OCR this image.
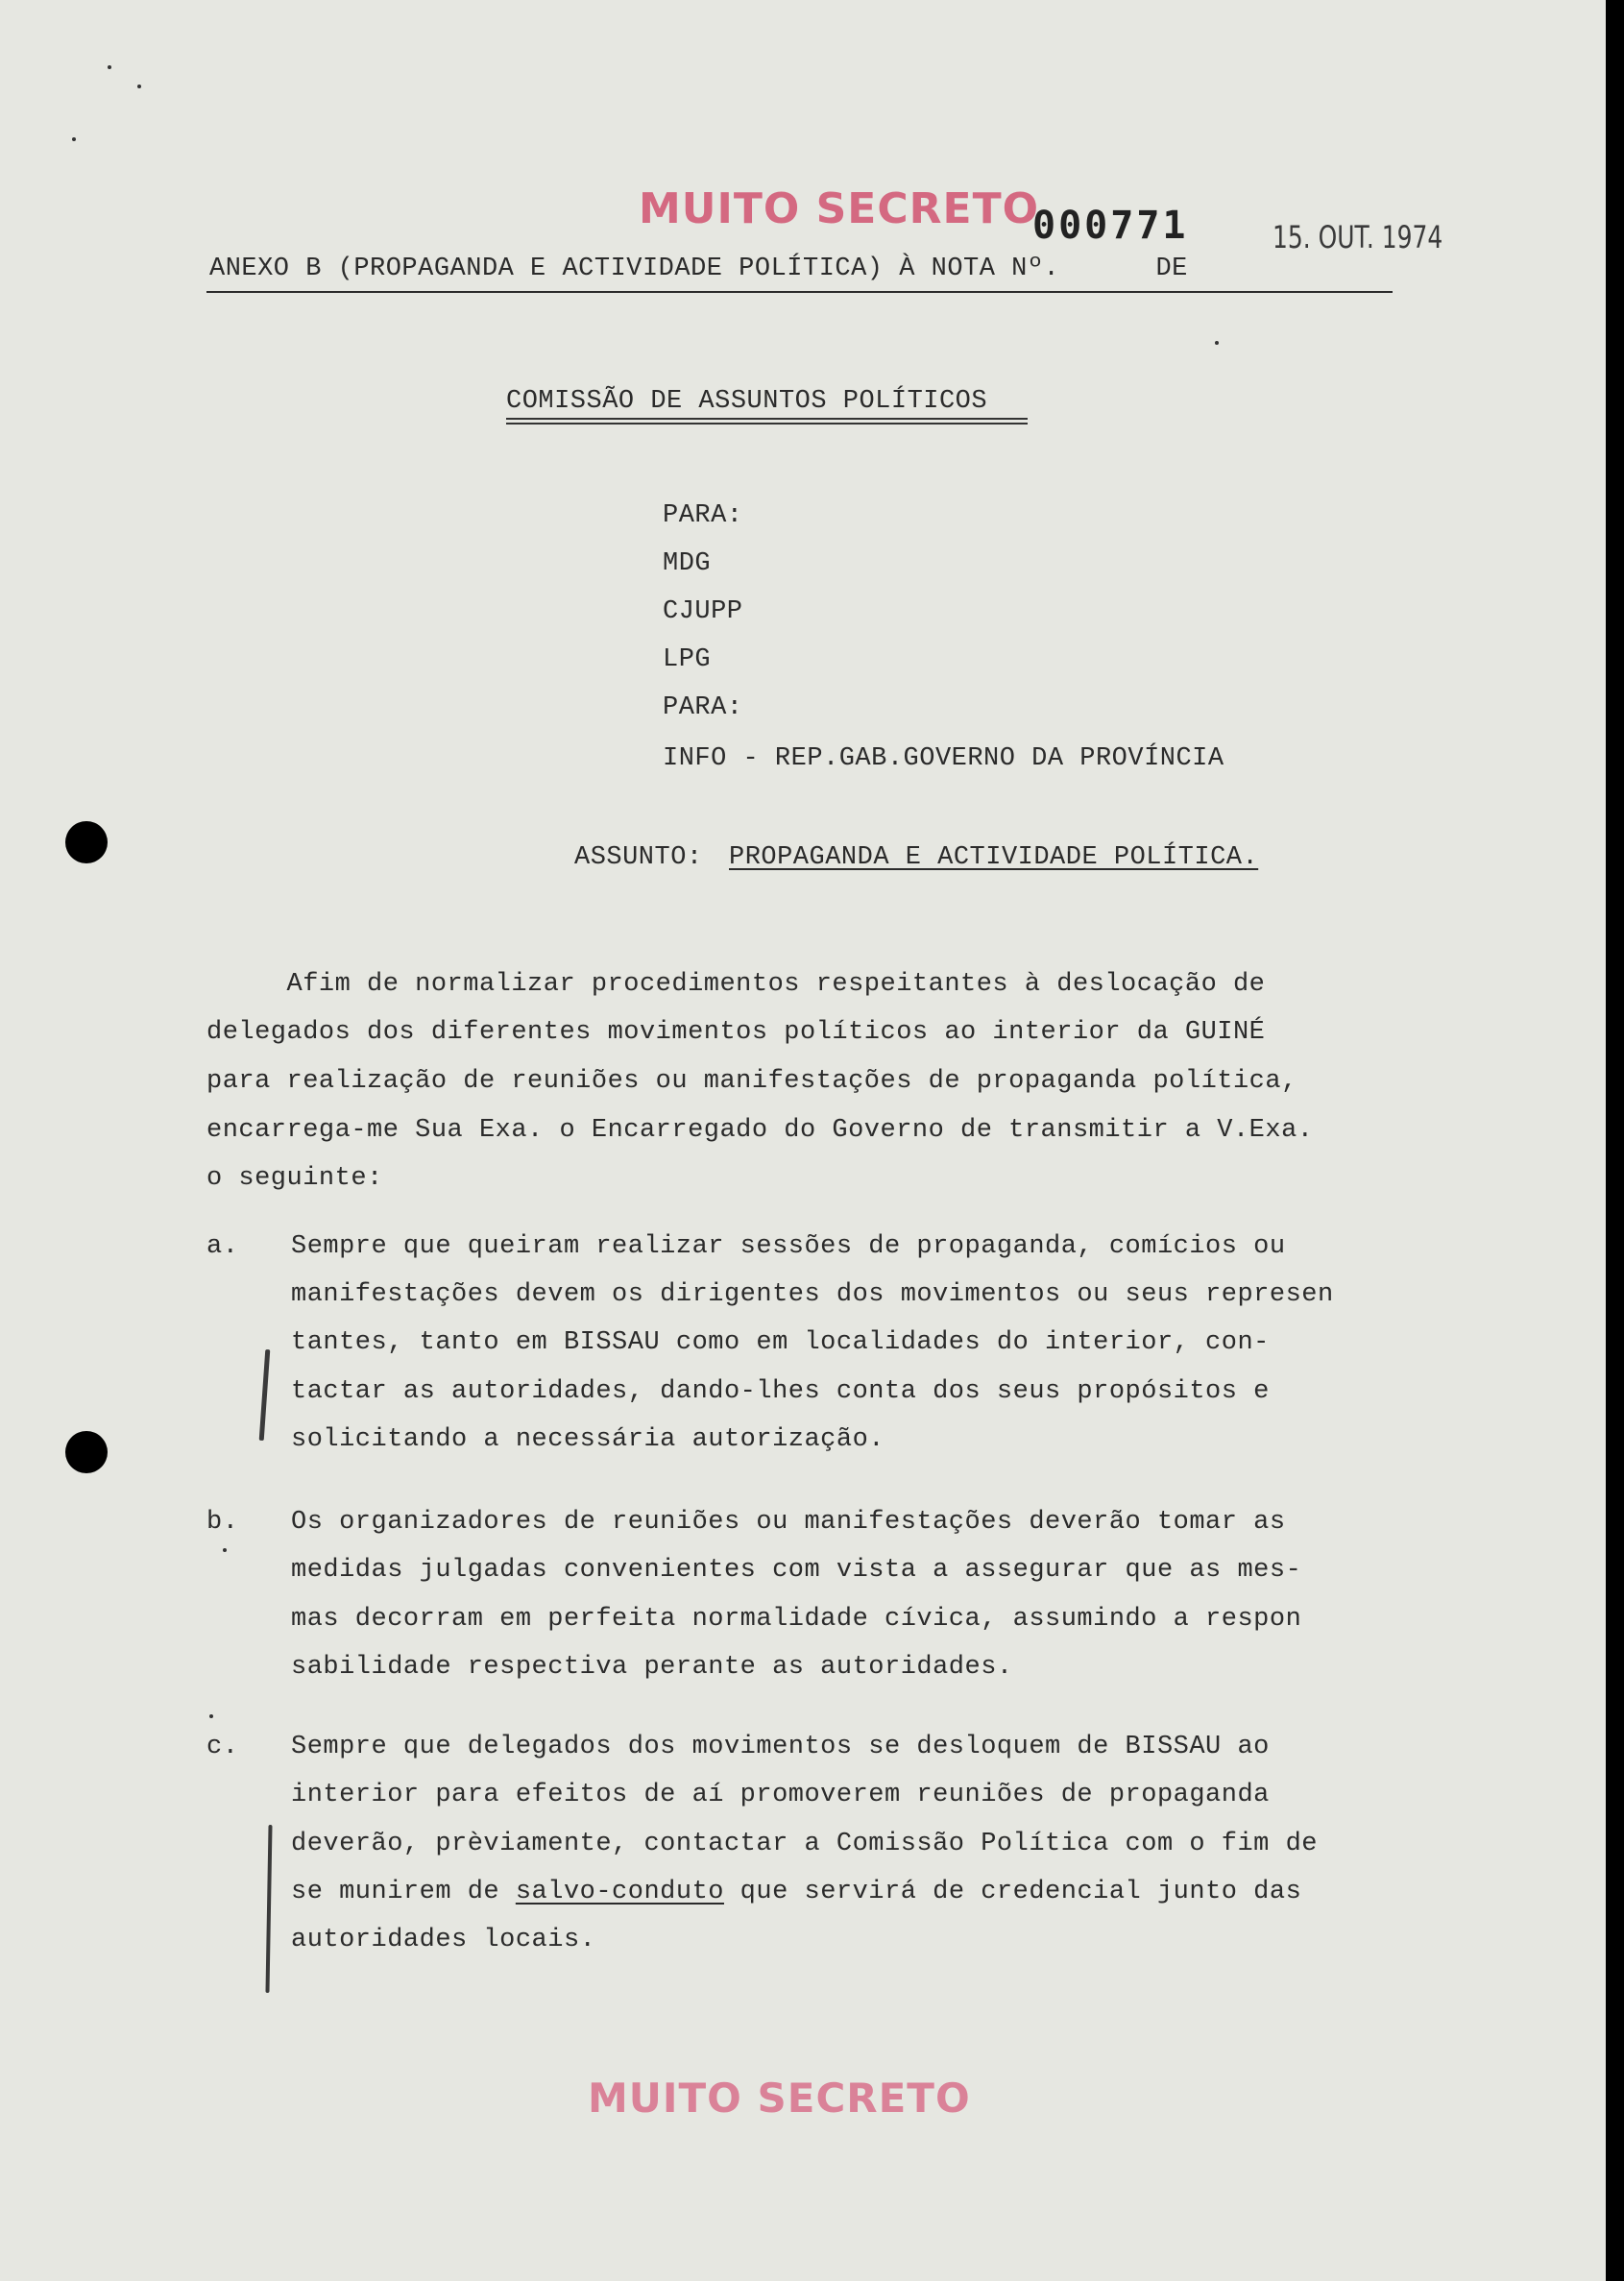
MUITO SECRETO
000771	15. OUT. 1974
ANEXO B (PROPAGANDA E ACTIVIDADE POLÍTICA) À NOTA Nº.      DE
COMISSÃO DE ASSUNTOS POLÍTICOS
PARA:
MDG
CJUPP
LPG
PARA:
INFO - REP.GAB.GOVERNO DA PROVÍNCIA
ASSUNTO: PROPAGANDA E ACTIVIDADE POLÍTICA.
Afim de normalizar procedimentos respeitantes à deslocação de
delegados dos diferentes movimentos políticos ao interior da GUINÉ
para realização de reuniões ou manifestações de propaganda política,
encarrega-me Sua Exa. o Encarregado do Governo de transmitir a V.Exa.
o seguinte:
a. Sempre que queiram realizar sessões de propaganda, comícios ou
manifestações devem os dirigentes dos movimentos ou seus represen
tantes, tanto em BISSAU como em localidades do interior, con-
tactar as autoridades, dando-lhes conta dos seus propósitos e
solicitando a necessária autorização.
b. Os organizadores de reuniões ou manifestações deverão tomar as
medidas julgadas convenientes com vista a assegurar que as mes-
mas decorram em perfeita normalidade cívica, assumindo a respon
sabilidade respectiva perante as autoridades.
c. Sempre que delegados dos movimentos se desloquem de BISSAU ao
interior para efeitos de aí promoverem reuniões de propaganda
deverão, prèviamente, contactar a Comissão Política com o fim de
se munirem de salvo-conduto que servirá de credencial junto das
autoridades locais.
MUITO SECRETO
